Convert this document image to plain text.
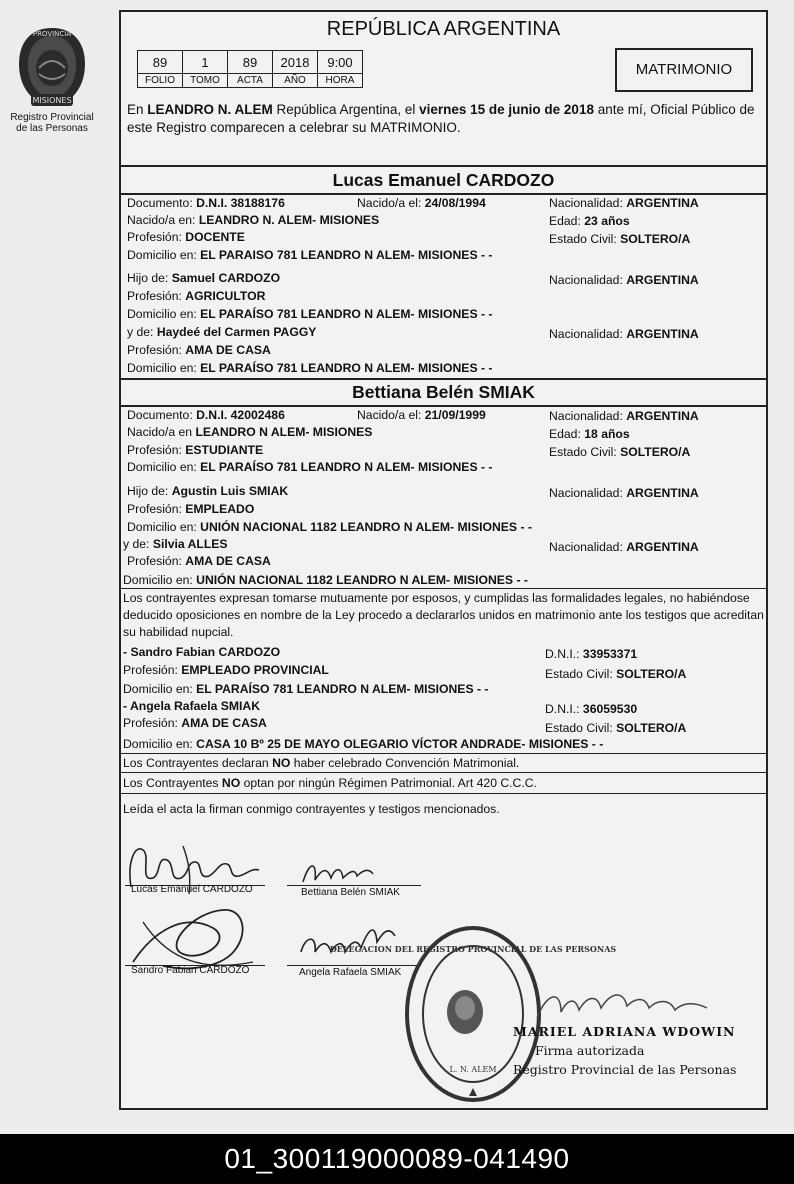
PROVINCIA
MISIONES
Registro Provincial
de las Personas
REPÚBLICA ARGENTINA
89	1	89	2018	9:00
FOLIO	TOMO	ACTA	AÑO	HORA
MATRIMONIO
En LEANDRO N. ALEM República Argentina, el viernes 15 de junio de 2018 ante mí, Oficial Público de este Registro comparecen a celebrar su MATRIMONIO.
Lucas Emanuel CARDOZO
Documento: D.N.I. 38188176	Nacido/a el: 24/08/1994	Nacionalidad: ARGENTINA
Nacido/a en: LEANDRO N. ALEM- MISIONES	Edad: 23 años
Profesión: DOCENTE	Estado Civil: SOLTERO/A
Domicilio en: EL PARAISO 781 LEANDRO N ALEM- MISIONES - -
Hijo de: Samuel CARDOZO	Nacionalidad: ARGENTINA
Profesión: AGRICULTOR
Domicilio en: EL PARAÍSO 781 LEANDRO N ALEM- MISIONES - -
y de: Haydeé del Carmen PAGGY	Nacionalidad: ARGENTINA
Profesión: AMA DE CASA
Domicilio en: EL PARAÍSO 781 LEANDRO N ALEM- MISIONES - -
Bettiana Belén SMIAK
Documento: D.N.I. 42002486	Nacido/a el: 21/09/1999	Nacionalidad: ARGENTINA
Nacido/a en LEANDRO N ALEM- MISIONES	Edad: 18 años
Profesión: ESTUDIANTE	Estado Civil: SOLTERO/A
Domicilio en: EL PARAÍSO 781 LEANDRO N ALEM- MISIONES - -
Hijo de: Agustin Luis SMIAK	Nacionalidad: ARGENTINA
Profesión: EMPLEADO
Domicilio en: UNIÓN NACIONAL 1182 LEANDRO N ALEM- MISIONES - -
y de: Silvia ALLES	Nacionalidad: ARGENTINA
Profesión: AMA DE CASA
Domicilio en: UNIÓN NACIONAL 1182 LEANDRO N ALEM- MISIONES - -
Los contrayentes expresan tomarse mutuamente por esposos, y cumplidas las formalidades legales, no habiéndose deducido oposiciones en nombre de la Ley procedo a declararlos unidos en matrimonio ante los testigos que acreditan su habilidad nupcial.
- Sandro Fabian CARDOZO	D.N.I.: 33953371
Profesión: EMPLEADO PROVINCIAL	Estado Civil: SOLTERO/A
Domicilio en: EL PARAÍSO 781 LEANDRO N ALEM- MISIONES - -
- Angela Rafaela SMIAK	D.N.I.: 36059530
Profesión: AMA DE CASA	Estado Civil: SOLTERO/A
Domicilio en: CASA 10 Bº 25 DE MAYO OLEGARIO VÍCTOR ANDRADE- MISIONES - -
Los Contrayentes declaran NO haber celebrado Convención Matrimonial.
Los Contrayentes NO optan por ningún Régimen Patrimonial. Art 420 C.C.C.
Leída el acta la firman conmigo contrayentes y testigos mencionados.
Lucas Emanuel CARDOZO	Bettiana Belén SMIAK
Sandro Fabian CARDOZO	Angela Rafaela SMIAK
DELEGACION DEL REGISTRO PROVINCIAL DE LAS PERSONAS
L. N. ALEM
MARIEL ADRIANA WDOWIN
Firma autorizada
Registro Provincial de las Personas
01_300119000089-041490
